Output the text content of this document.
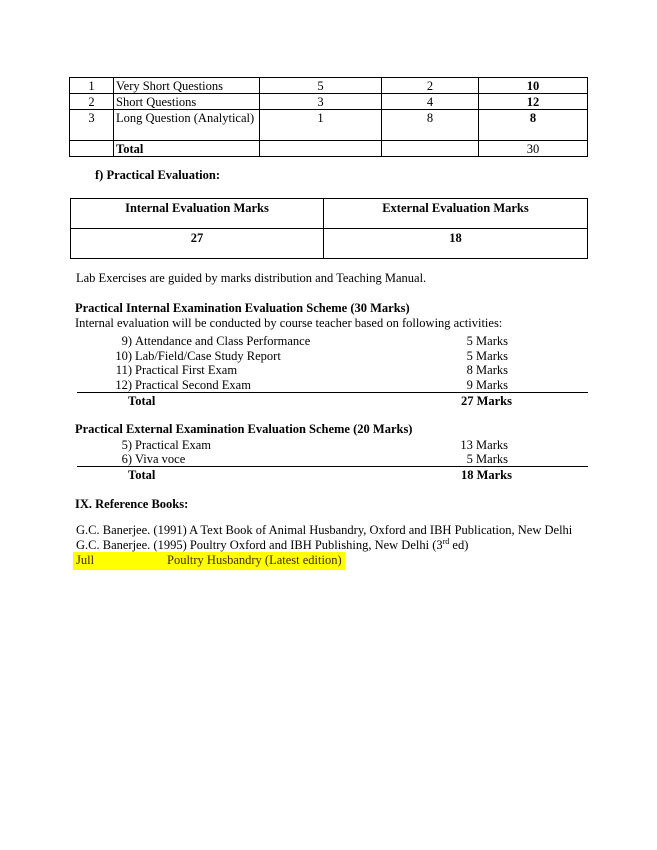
1	Very Short Questions	5	2	10
2	Short Questions	3	4	12
3	Long Question (Analytical)	1	8	8
	Total			30
f) Practical Evaluation:
Internal Evaluation Marks	External Evaluation Marks
27	18
Lab Exercises are guided by marks distribution and Teaching Manual.
Practical Internal Examination Evaluation Scheme (30 Marks)
Internal evaluation will be conducted by course teacher based on following activities:
9) Attendance and Class Performance	5 Marks
10) Lab/Field/Case Study Report	5 Marks
11) Practical First Exam	8 Marks
12) Practical Second Exam	9 Marks
Total	27 Marks
Practical External Examination Evaluation Scheme (20 Marks)
5) Practical Exam	13 Marks
6) Viva voce	5 Marks
Total	18 Marks
IX. Reference Books:
G.C. Banerjee. (1991) A Text Book of Animal Husbandry, Oxford and IBH Publication, New Delhi
G.C. Banerjee. (1995) Poultry Oxford and IBH Publishing, New Delhi (3rd ed)
Jull	Poultry Husbandry (Latest edition)
